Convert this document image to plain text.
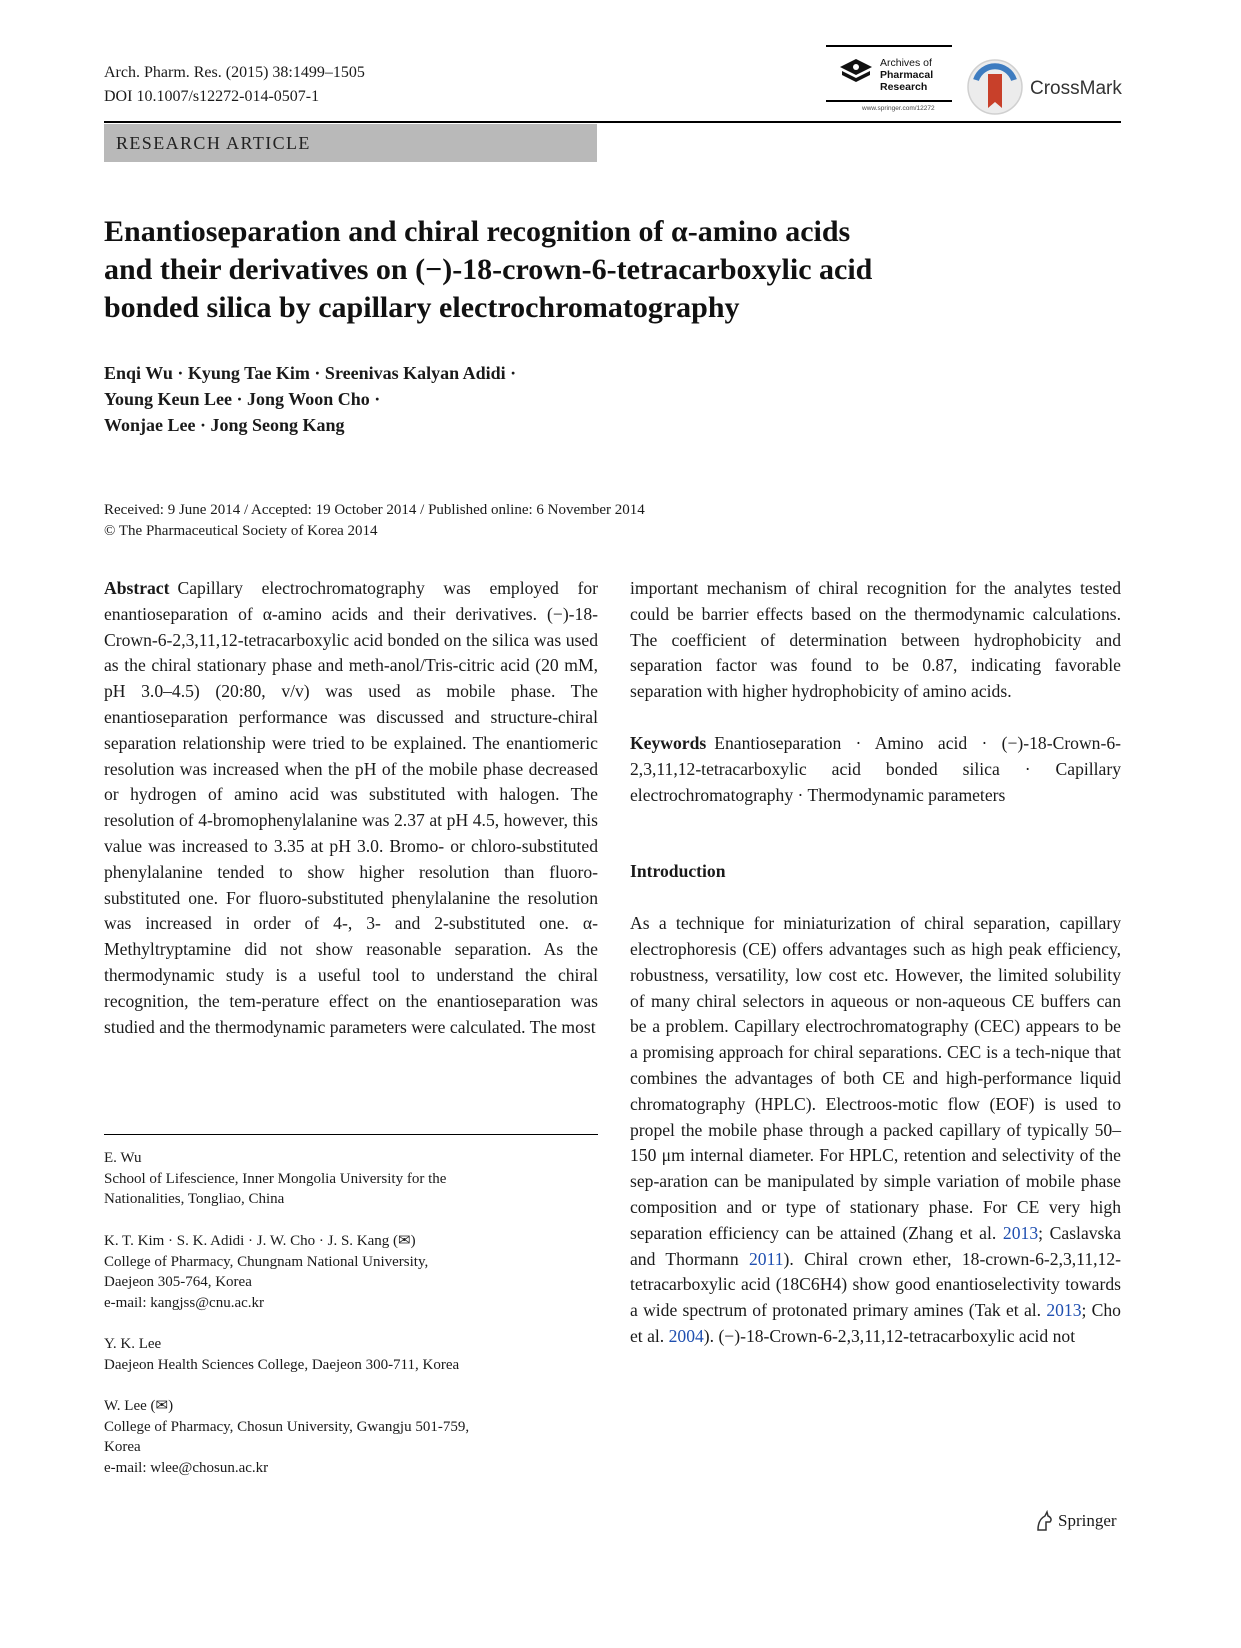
Arch. Pharm. Res. (2015) 38:1499–1505
DOI 10.1007/s12272-014-0507-1
Archives of
Pharmacal
Research
www.springer.com/12272
CrossMark
RESEARCH ARTICLE
Enantioseparation and chiral recognition of α-amino acids
and their derivatives on (−)-18-crown-6-tetracarboxylic acid
bonded silica by capillary electrochromatography
Enqi Wu · Kyung Tae Kim · Sreenivas Kalyan Adidi ·
Young Keun Lee · Jong Woon Cho ·
Wonjae Lee · Jong Seong Kang
Received: 9 June 2014 / Accepted: 19 October 2014 / Published online: 6 November 2014
© The Pharmaceutical Society of Korea 2014
Abstract Capillary electrochromatography was employed for enantioseparation of α-amino acids and their derivatives. (−)-18-Crown-6-2,3,11,12-tetracarboxylic acid bonded on the silica was used as the chiral stationary phase and meth-anol/Tris-citric acid (20 mM, pH 3.0–4.5) (20:80, v/v) was used as mobile phase. The enantioseparation performance was discussed and structure-chiral separation relationship were tried to be explained. The enantiomeric resolution was increased when the pH of the mobile phase decreased or hydrogen of amino acid was substituted with halogen. The resolution of 4-bromophenylalanine was 2.37 at pH 4.5, however, this value was increased to 3.35 at pH 3.0. Bromo- or chloro-substituted phenylalanine tended to show higher resolution than fluoro-substituted one. For fluoro-substituted phenylalanine the resolution was increased in order of 4-, 3- and 2-substituted one. α-Methyltryptamine did not show reasonable separation. As the thermodynamic study is a useful tool to understand the chiral recognition, the tem-perature effect on the enantioseparation was studied and the thermodynamic parameters were calculated. The most
E. Wu
School of Lifescience, Inner Mongolia University for the
Nationalities, Tongliao, China
K. T. Kim · S. K. Adidi · J. W. Cho · J. S. Kang (✉)
College of Pharmacy, Chungnam National University,
Daejeon 305-764, Korea
e-mail: kangjss@cnu.ac.kr
Y. K. Lee
Daejeon Health Sciences College, Daejeon 300-711, Korea
W. Lee (✉)
College of Pharmacy, Chosun University, Gwangju 501-759,
Korea
e-mail: wlee@chosun.ac.kr
important mechanism of chiral recognition for the analytes tested could be barrier effects based on the thermodynamic calculations. The coefficient of determination between hydrophobicity and separation factor was found to be 0.87, indicating favorable separation with higher hydrophobicity of amino acids.
Keywords Enantioseparation · Amino acid · (−)-18-Crown-6-2,3,11,12-tetracarboxylic acid bonded silica · Capillary electrochromatography · Thermodynamic parameters
Introduction
As a technique for miniaturization of chiral separation, capillary electrophoresis (CE) offers advantages such as high peak efficiency, robustness, versatility, low cost etc. However, the limited solubility of many chiral selectors in aqueous or non-aqueous CE buffers can be a problem. Capillary electrochromatography (CEC) appears to be a promising approach for chiral separations. CEC is a tech-nique that combines the advantages of both CE and high-performance liquid chromatography (HPLC). Electroos-motic flow (EOF) is used to propel the mobile phase through a packed capillary of typically 50–150 μm internal diameter. For HPLC, retention and selectivity of the sep-aration can be manipulated by simple variation of mobile phase composition and or type of stationary phase. For CE very high separation efficiency can be attained (Zhang et al. 2013; Caslavska and Thormann 2011). Chiral crown ether, 18-crown-6-2,3,11,12-tetracarboxylic acid (18C6H4) show good enantioselectivity towards a wide spectrum of protonated primary amines (Tak et al. 2013; Cho et al. 2004). (−)-18-Crown-6-2,3,11,12-tetracarboxylic acid not
Springer
